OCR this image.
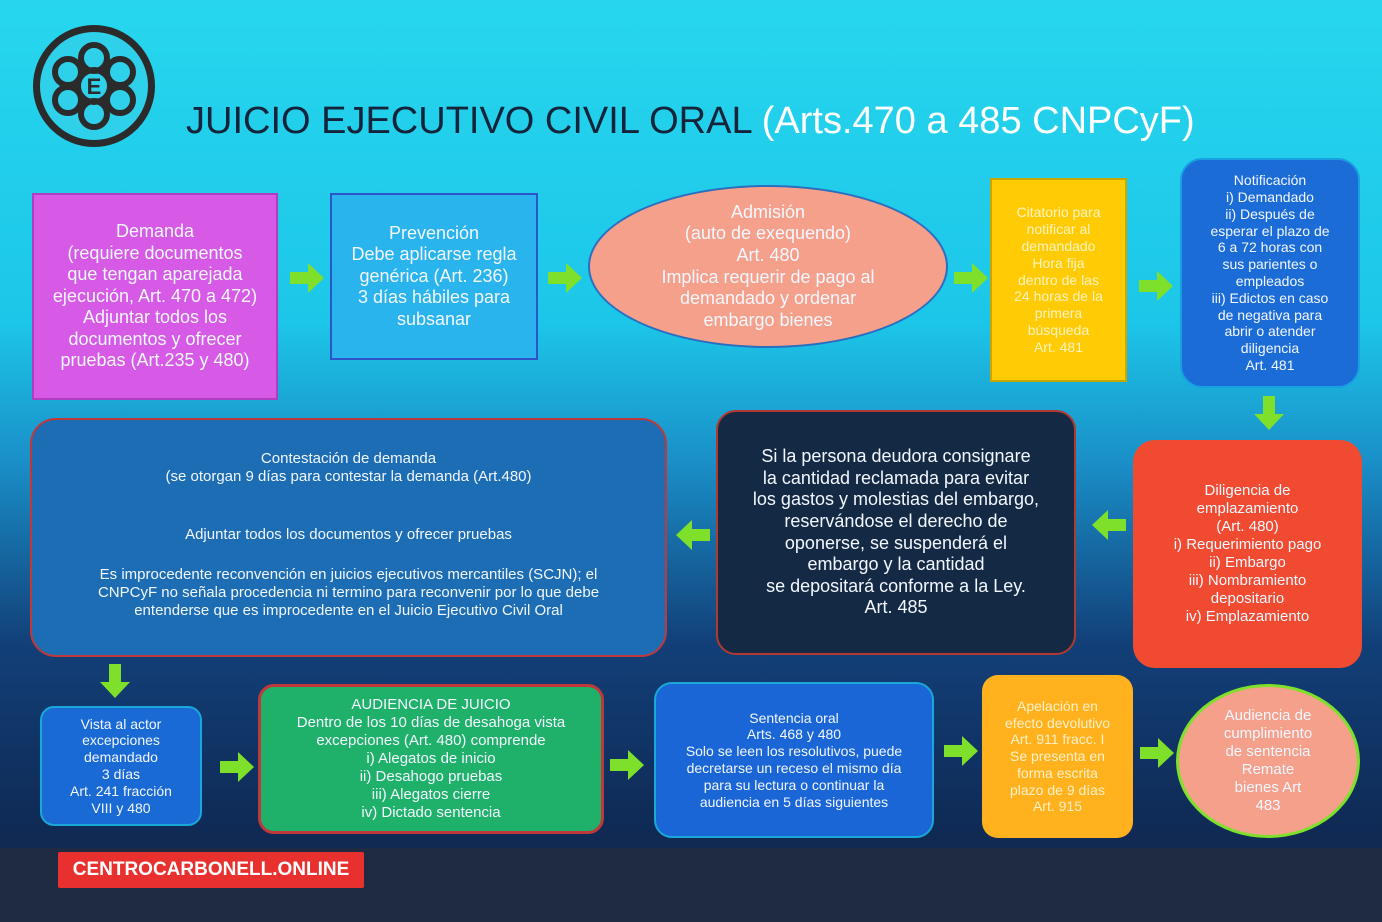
E
JUICIO EJECUTIVO CIVIL ORAL (Arts.470 a 485 CNPCyF)
Demanda
(requiere documentos
que tengan aparejada
ejecución, Art. 470 a 472)
Adjuntar todos los
documentos y ofrecer
pruebas (Art.235 y 480)
Prevención
Debe aplicarse regla
genérica (Art. 236)
3 días hábiles para
subsanar
Admisión
(auto de exequendo)
Art. 480
Implica requerir de pago al
demandado y ordenar
embargo bienes
Citatorio para
notificar al
demandado
Hora fija
dentro de las
24 horas de la
primera
búsqueda
Art. 481
Notificación
i) Demandado
ii) Después de
esperar el plazo de
6 a 72 horas con
sus parientes o
empleados
iii) Edictos en caso
de negativa para
abrir o atender
diligencia
Art. 481
Diligencia de
emplazamiento
(Art. 480)
i) Requerimiento pago
ii) Embargo
iii) Nombramiento
depositario
iv) Emplazamiento
Si la persona deudora consignare
la cantidad reclamada para evitar
los gastos y molestias del embargo,
reservándose el derecho de
oponerse, se suspenderá el
embargo y la cantidad
se depositará conforme a la Ley.
Art. 485
Contestación de demanda
(se otorgan 9 días para contestar la demanda (Art.480)
Adjuntar todos los documentos y ofrecer pruebas
Es improcedente reconvención en juicios ejecutivos mercantiles (SCJN); el
CNPCyF no señala procedencia ni termino para reconvenir por lo que debe
entenderse que es improcedente en el Juicio Ejecutivo Civil Oral
Vista al actor
excepciones
demandado
3 días
Art. 241 fracción
VIII y 480
AUDIENCIA DE JUICIO
Dentro de los 10 días de desahoga vista
excepciones (Art. 480) comprende
i) Alegatos de inicio
ii) Desahogo pruebas
iii) Alegatos cierre
iv) Dictado sentencia
Sentencia oral
Arts. 468 y 480
Solo se leen los resolutivos, puede
decretarse un receso el mismo día
para su lectura o continuar la
audiencia en 5 días siguientes
Apelación en
efecto devolutivo
Art. 911 fracc. I
Se presenta en
forma escrita
plazo de 9 días
Art. 915
Audiencia de
cumplimiento
de sentencia
Remate
bienes Art
483
CENTROCARBONELL.ONLINE
